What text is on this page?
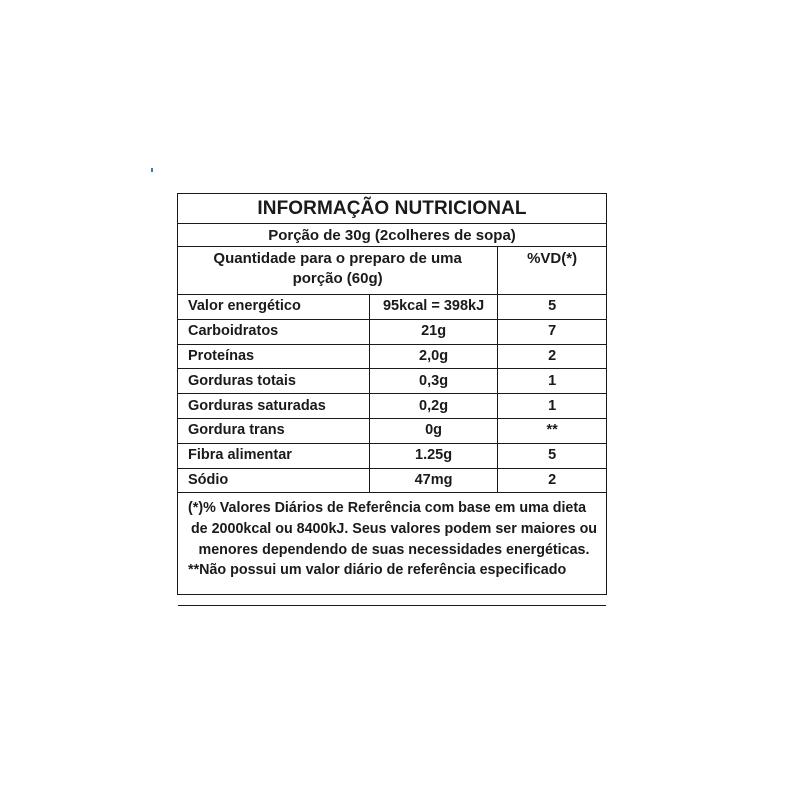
INFORMAÇÃO NUTRICIONAL		
Porção de 30g (2colheres de sopa)		
Quantidade para o preparo de uma
porção (60g)		%VD(*)
Valor energético	95kcal = 398kJ	5
Carboidratos	21g	7
Proteínas	2,0g	2
Gorduras totais	0,3g	1
Gorduras saturadas	0,2g	1
Gordura trans	0g	**
Fibra alimentar	1.25g	5
Sódio	47mg	2

(*)% Valores Diários de Referência com base em uma dieta
de 2000kcal ou 8400kJ. Seus valores podem ser maiores ou
menores dependendo de suas necessidades energéticas.
**Não possui um valor diário de referência especificado		
